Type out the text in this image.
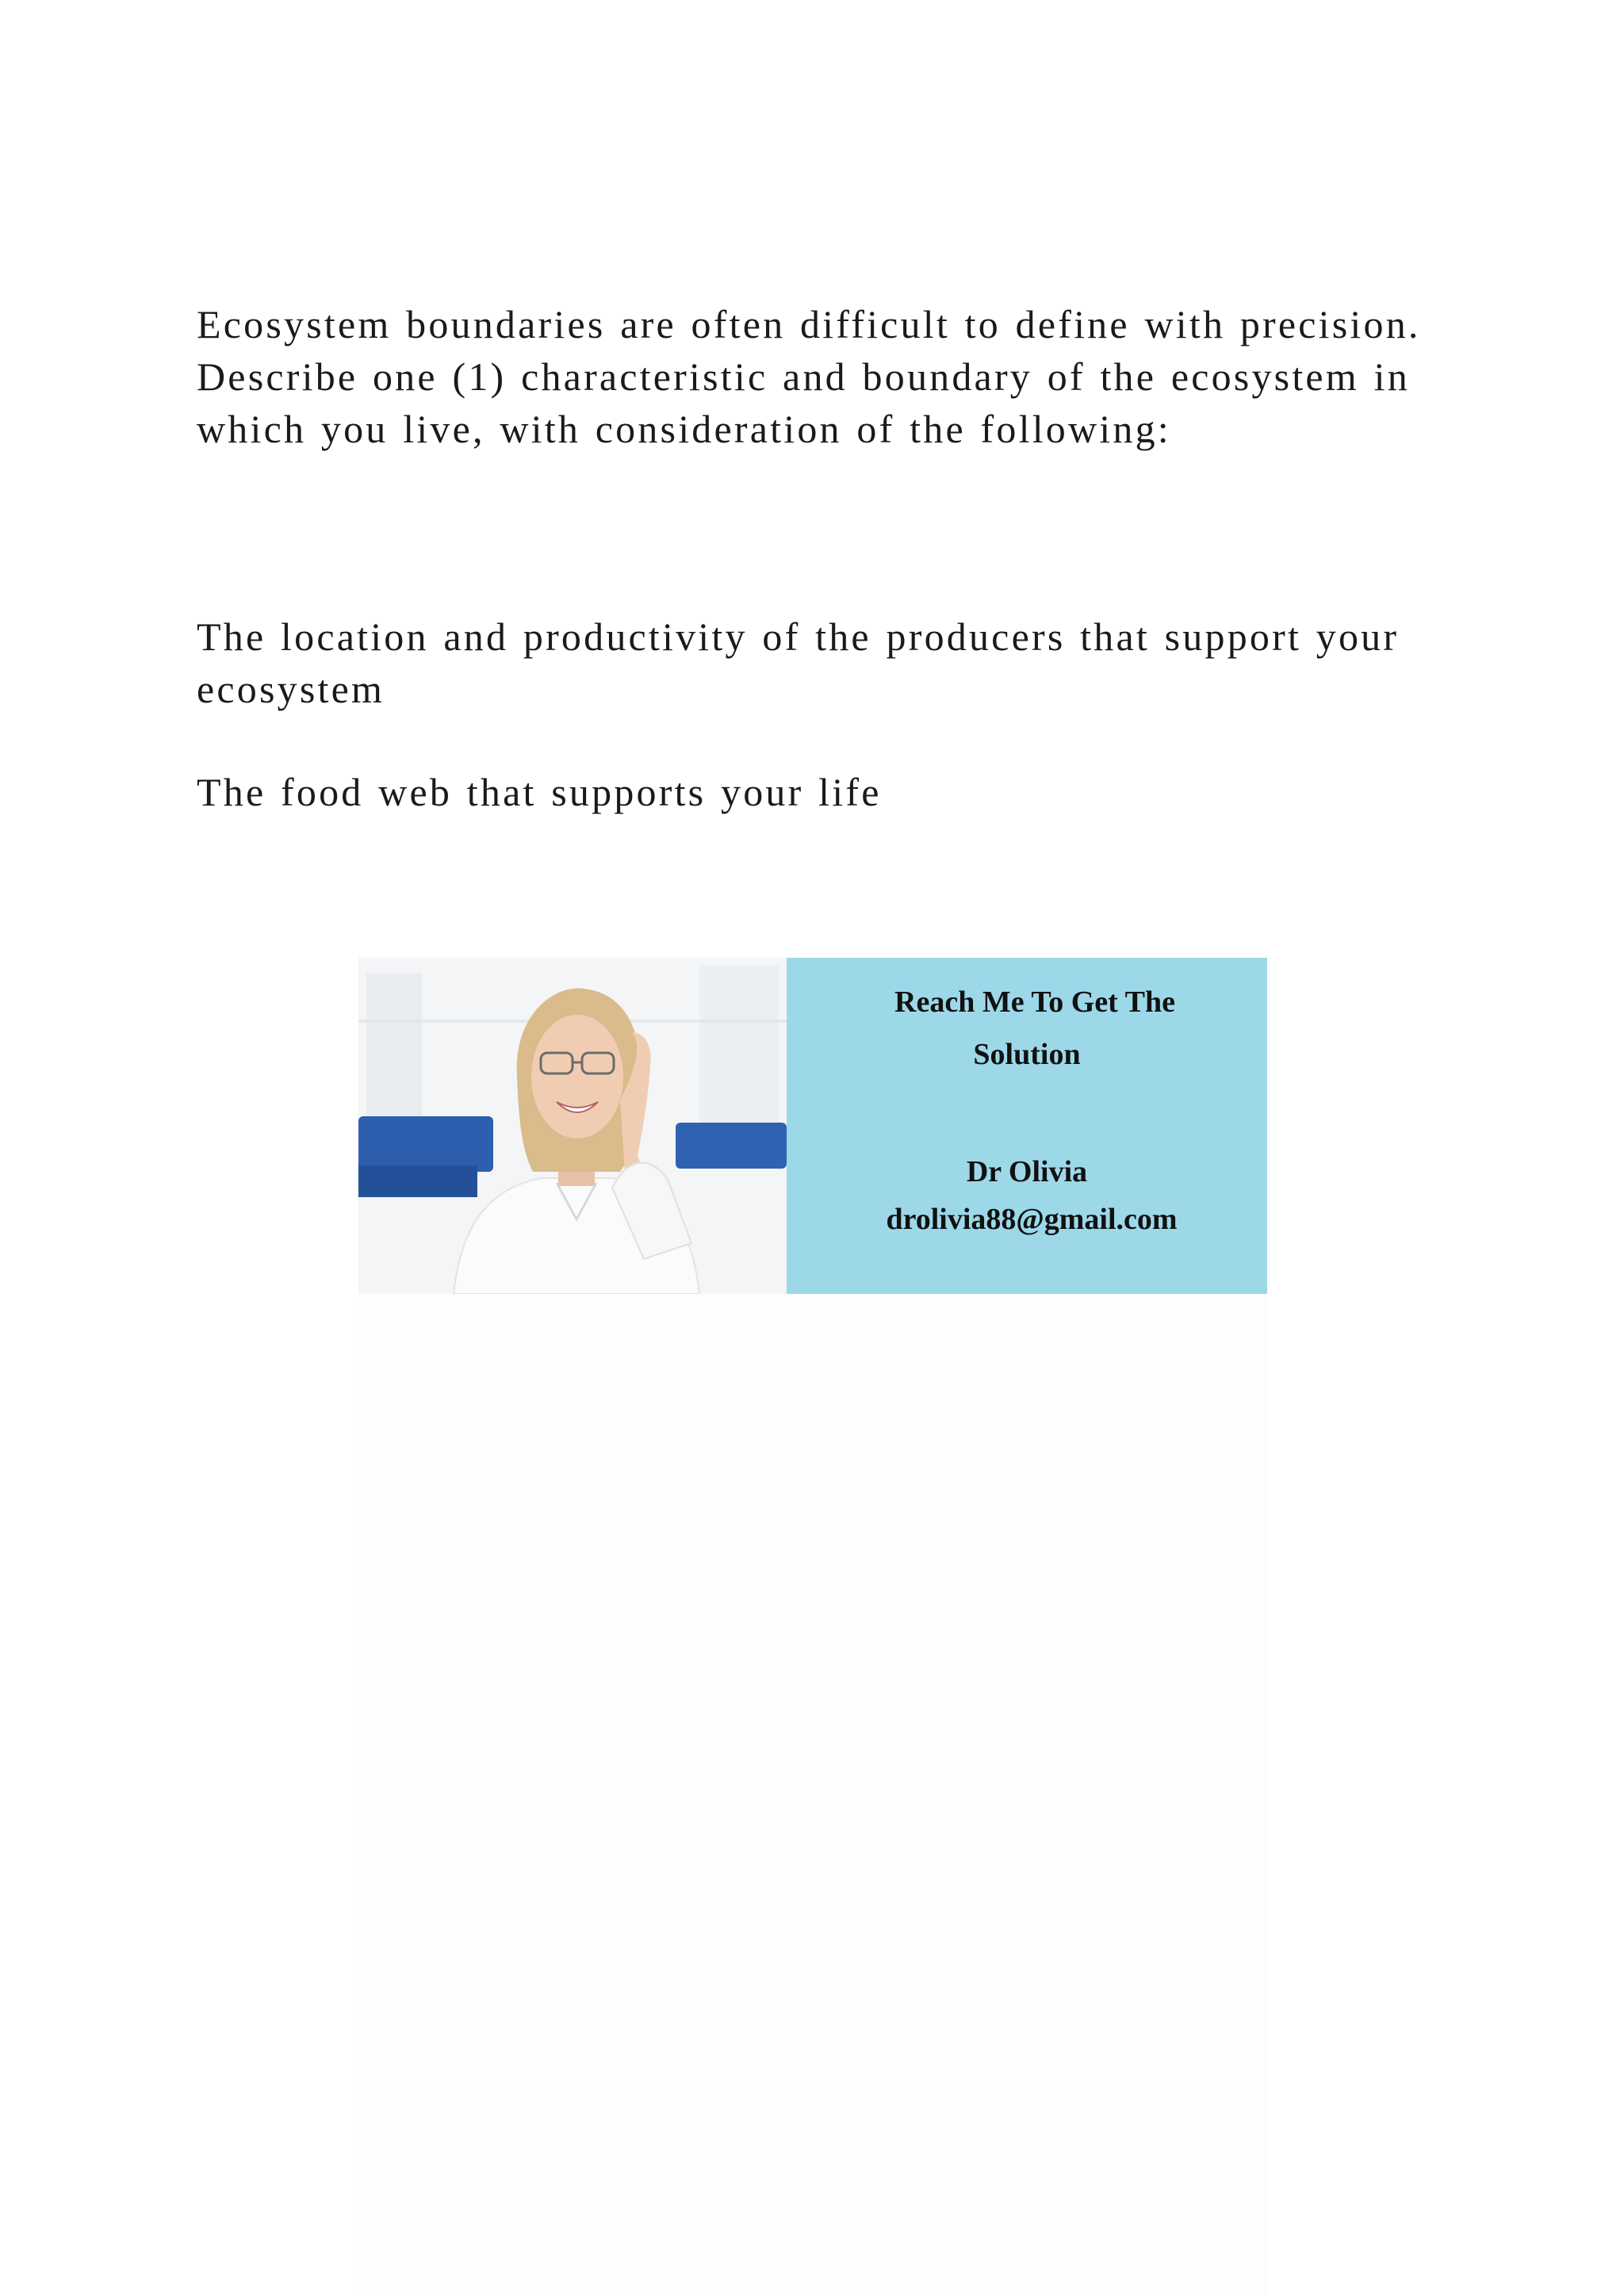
Ecosystem boundaries are often difficult to define with precision. Describe one (1) characteristic and boundary of the ecosystem in which you live, with consideration of the following:

The location and productivity of the producers that support your ecosystem

The food web that supports your life

Reach Me To Get The
Solution
Dr Olivia
drolivia88@gmail.com
